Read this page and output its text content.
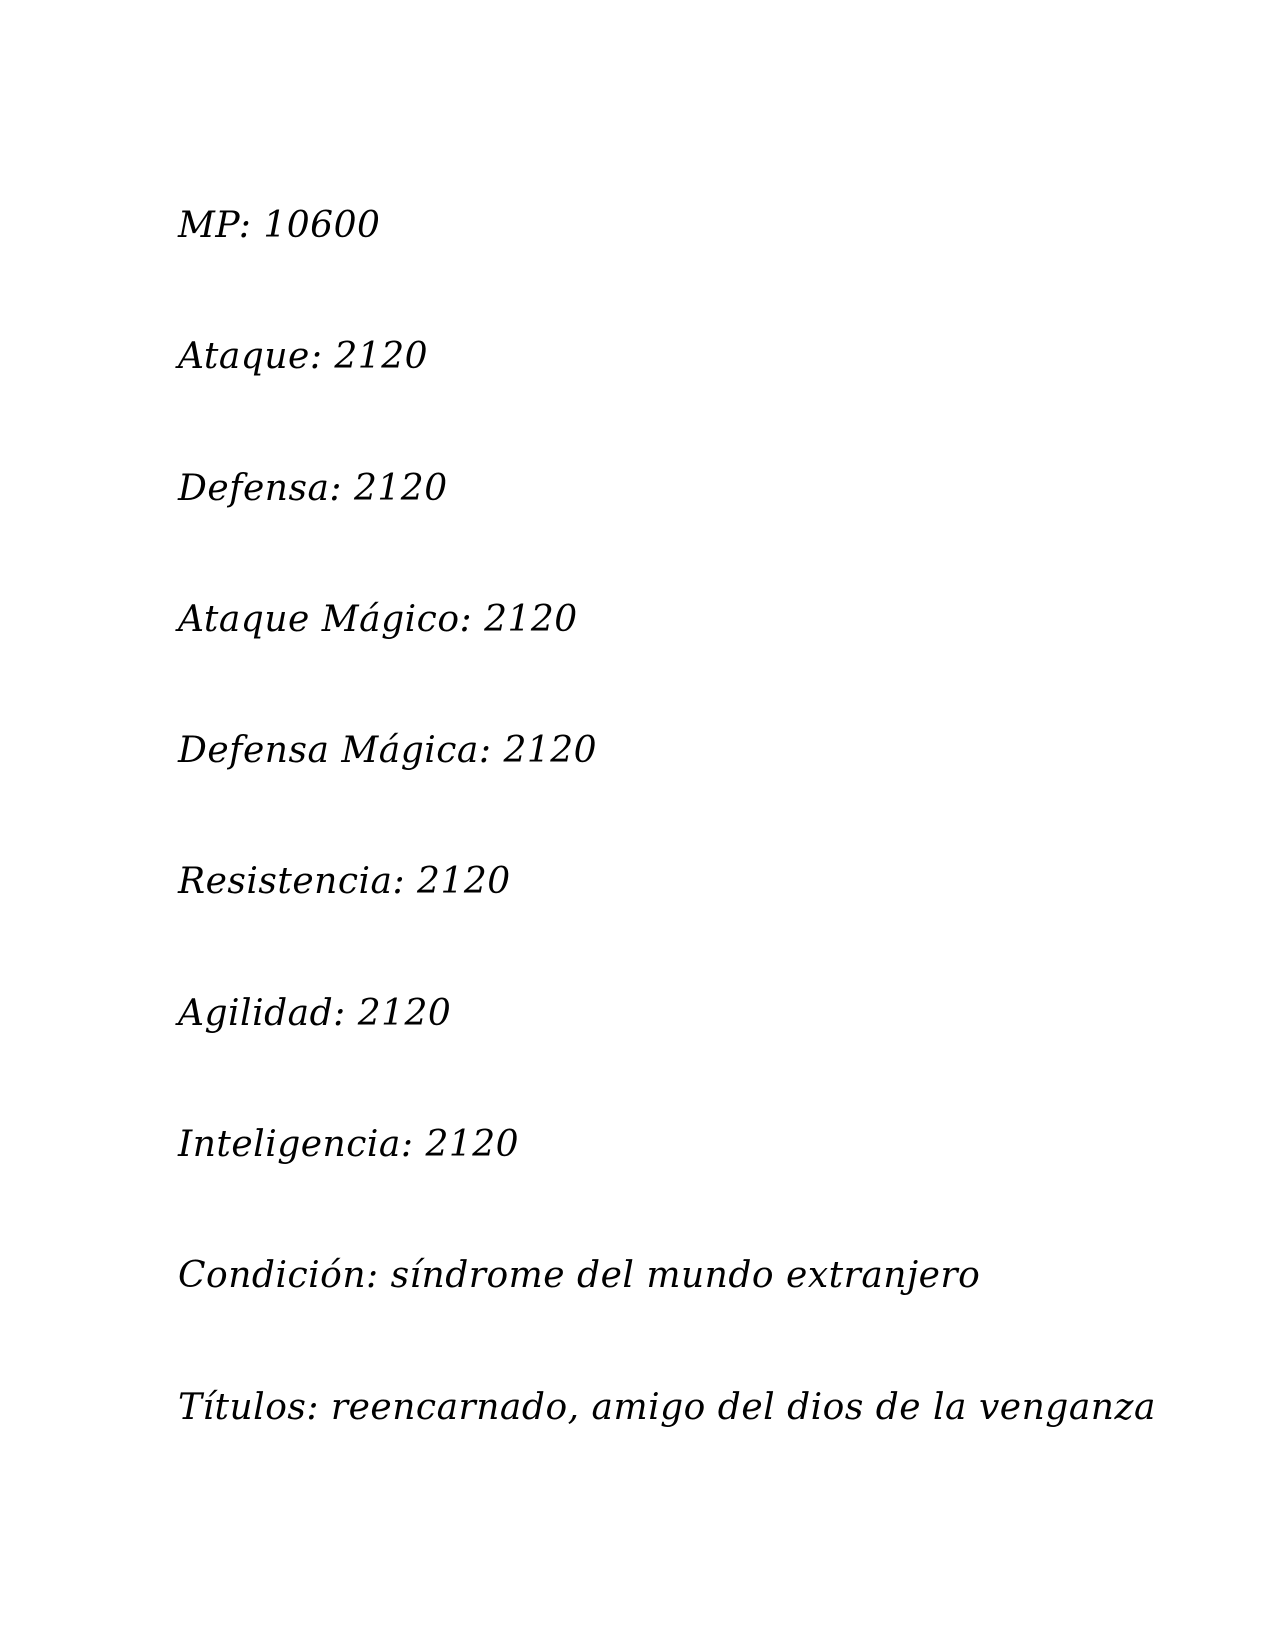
MP: 10600
Ataque: 2120
Defensa: 2120
Ataque Mágico: 2120
Defensa Mágica: 2120
Resistencia: 2120
Agilidad: 2120
Inteligencia: 2120
Condición: síndrome del mundo extranjero
Títulos: reencarnado, amigo del dios de la venganza
